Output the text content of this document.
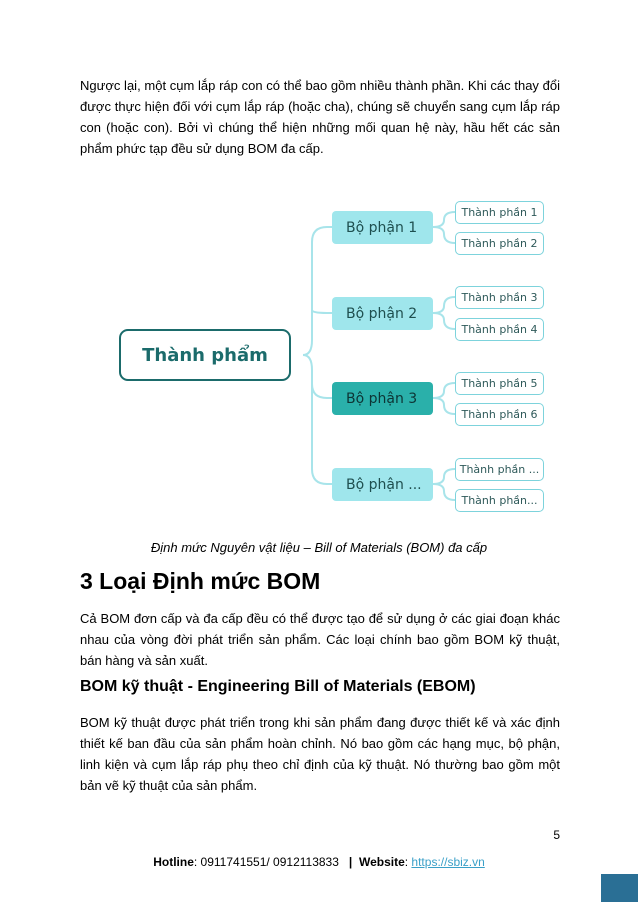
Ngược lại, một cụm lắp ráp con có thể bao gồm nhiều thành phần. Khi các thay đổi được thực hiện đối với cụm lắp ráp (hoặc cha), chúng sẽ chuyển sang cụm lắp ráp con (hoặc con). Bởi vì chúng thể hiện những mối quan hệ này, hầu hết các sản phẩm phức tạp đều sử dụng BOM đa cấp.

Thành phẩm
Bộ phận 1
Bộ phận 2
Bộ phận 3
Bộ phận ...
Thành phần 1
Thành phần 2
Thành phần 3
Thành phần 4
Thành phần 5
Thành phần 6
Thành phần ...
Thành phần...
Định mức Nguyên vật liệu – Bill of Materials (BOM) đa cấp
3 Loại Định mức BOM

Cả BOM đơn cấp và đa cấp đều có thể được tạo để sử dụng ở các giai đoạn khác nhau của vòng đời phát triển sản phẩm. Các loại chính bao gồm BOM kỹ thuật, bán hàng và sản xuất.

BOM kỹ thuật - Engineering Bill of Materials (EBOM)

BOM kỹ thuật được phát triển trong khi sản phẩm đang được thiết kế và xác định thiết kế ban đầu của sản phẩm hoàn chỉnh. Nó bao gồm các hạng mục, bộ phận, linh kiện và cụm lắp ráp phụ theo chỉ định của kỹ thuật. Nó thường bao gồm một bản vẽ kỹ thuật của sản phẩm.

5
Hotline: 0911741551/ 0912113833 | Website: https://sbiz.vn
